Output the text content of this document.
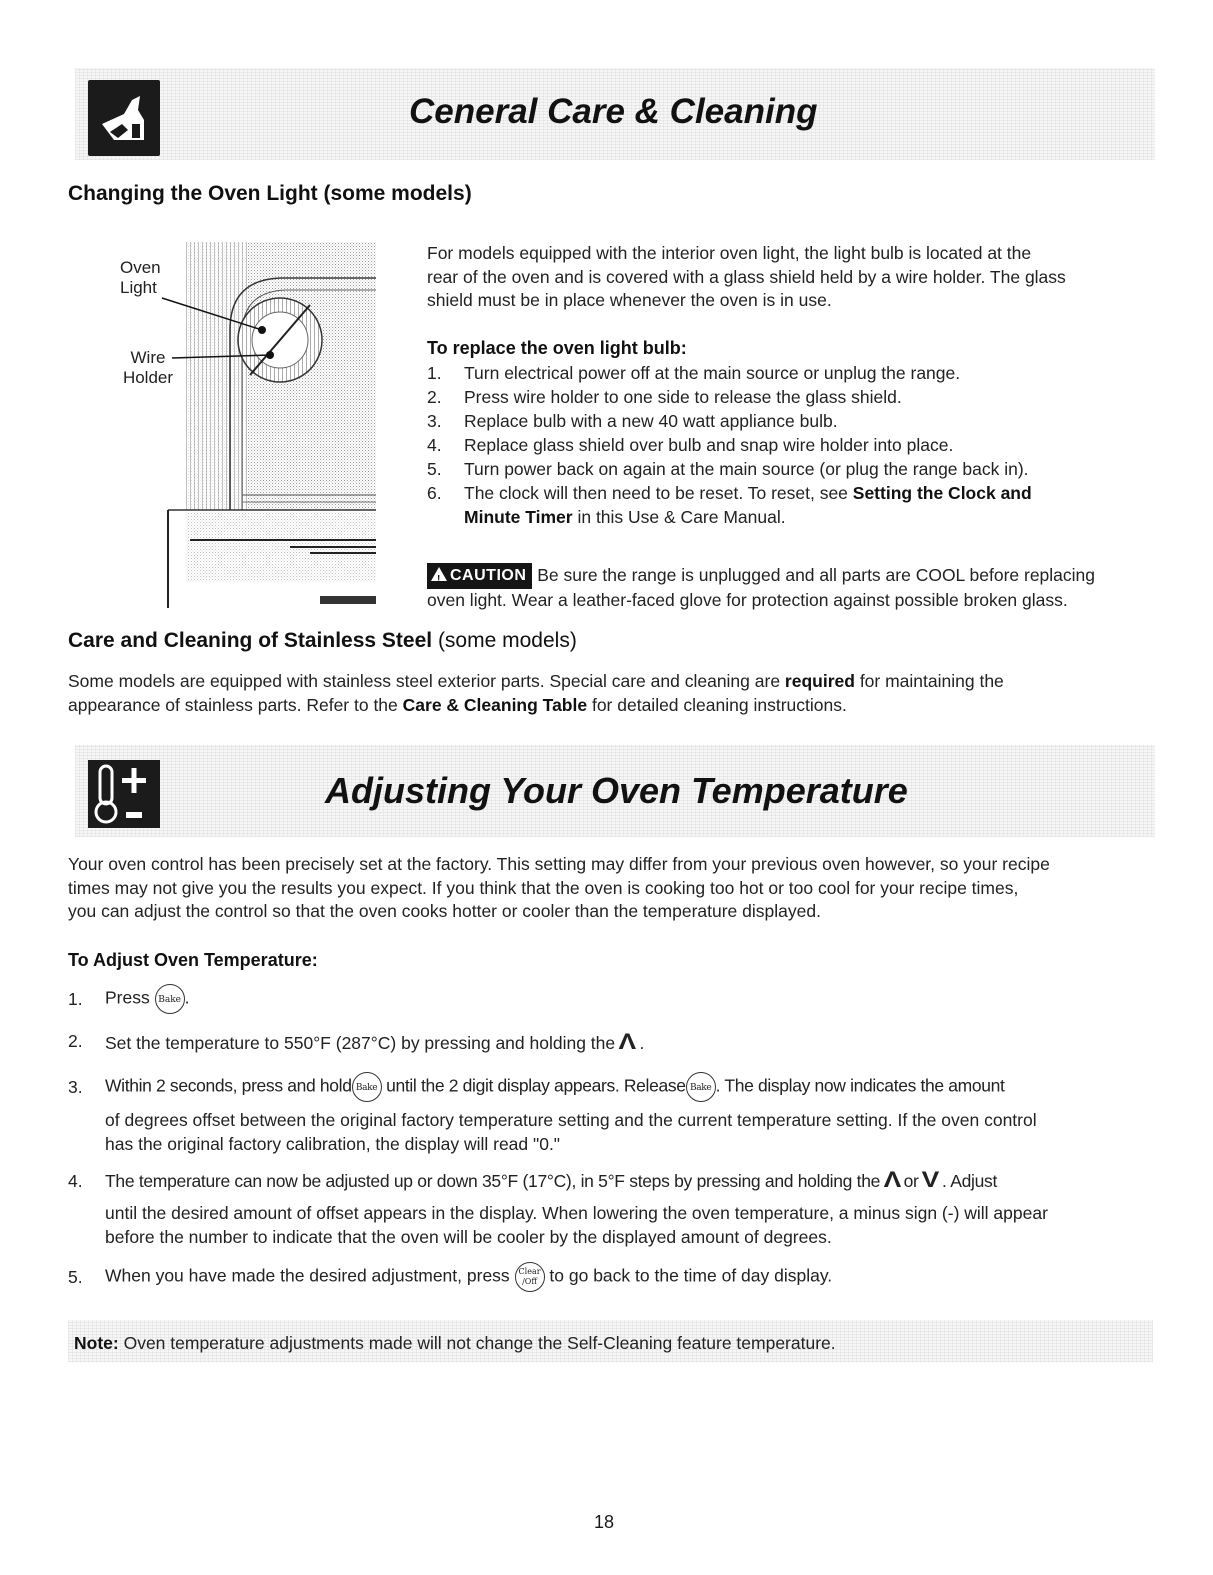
Ceneral Care & Cleaning
Changing the Oven Light (some models)
Oven
Light
Wire
Holder
For models equipped with the interior oven light, the light bulb is located at the
rear of the oven and is covered with a glass shield held by a wire holder. The glass
shield must be in place whenever the oven is in use.
To replace the oven light bulb:
1. Turn electrical power off at the main source or unplug the range.
2. Press wire holder to one side to release the glass shield.
3. Replace bulb with a new 40 watt appliance bulb.
4. Replace glass shield over bulb and snap wire holder into place.
5. Turn power back on again at the main source (or plug the range back in).
6. The clock will then need to be reset. To reset, see Setting the Clock and
Minute Timer in this Use & Care Manual.
!CAUTION Be sure the range is unplugged and all parts are COOL before replacing
oven light. Wear a leather-faced glove for protection against possible broken glass.
Care and Cleaning of Stainless Steel (some models)
Some models are equipped with stainless steel exterior parts. Special care and cleaning are required for maintaining the
appearance of stainless parts. Refer to the Care & Cleaning Table for detailed cleaning instructions.
Adjusting Your Oven Temperature
Your oven control has been precisely set at the factory. This setting may differ from your previous oven however, so your recipe
times may not give you the results you expect. If you think that the oven is cooking too hot or too cool for your recipe times,
you can adjust the control so that the oven cooks hotter or cooler than the temperature displayed.
To Adjust Oven Temperature:
1. Press Bake .
2. Set the temperature to 550°F (287°C) by pressing and holding the Λ .
3. Within 2 seconds, press and hold Bake until the 2 digit display appears. Release Bake . The display now indicates the amount
of degrees offset between the original factory temperature setting and the current temperature setting. If the oven control
has the original factory calibration, the display will read "0."
4. The temperature can now be adjusted up or down 35°F (17°C), in 5°F steps by pressing and holding the Λ or V . Adjust
until the desired amount of offset appears in the display. When lowering the oven temperature, a minus sign (-) will appear
before the number to indicate that the oven will be cooler by the displayed amount of degrees.
5. When you have made the desired adjustment, press Clear
/Off to go back to the time of day display.
Note: Oven temperature adjustments made will not change the Self-Cleaning feature temperature.
18
